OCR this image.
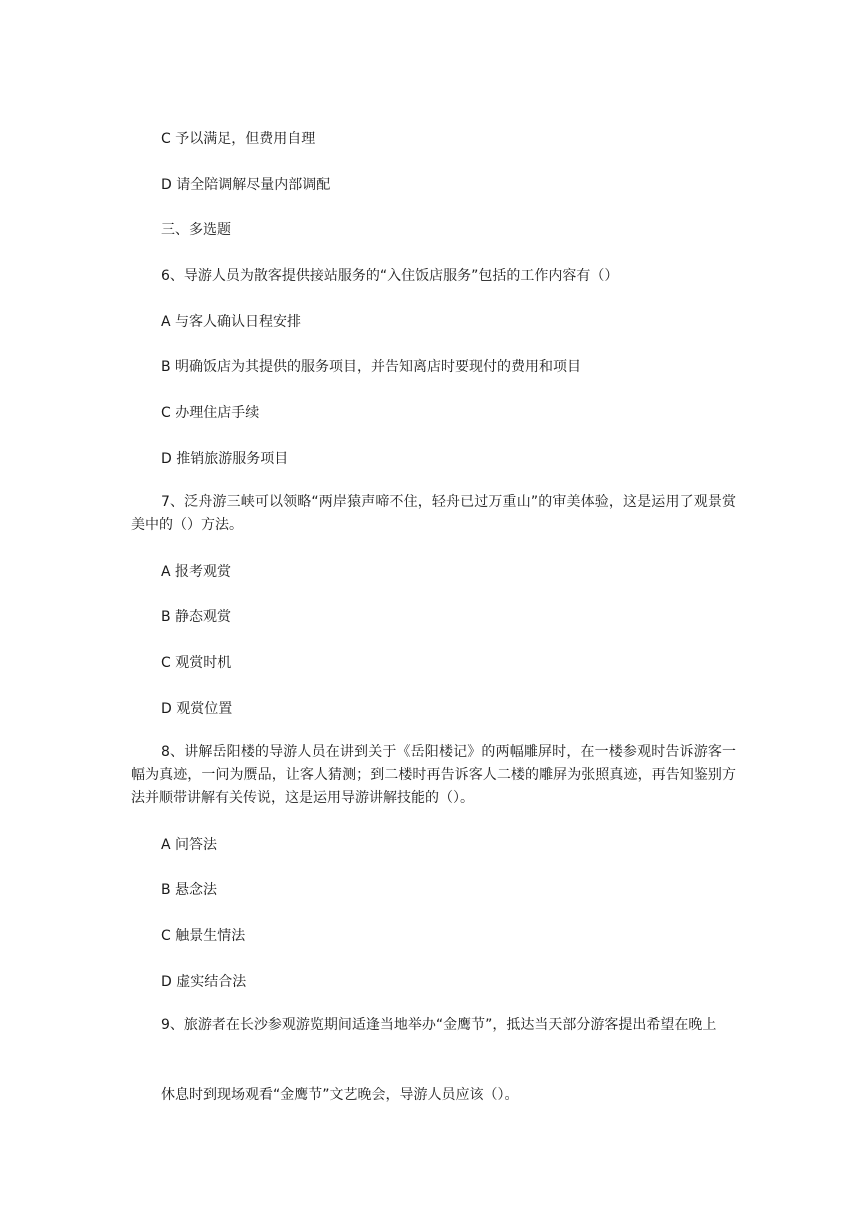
C 予以满足，但费用自理
D 请全陪调解尽量内部调配
三、多选题
6、导游人员为散客提供接站服务的“入住饭店服务”包括的工作内容有（）
A 与客人确认日程安排
B 明确饭店为其提供的服务项目，并告知离店时要现付的费用和项目
C 办理住店手续
D 推销旅游服务项目
7、泛舟游三峡可以领略“两岸猿声啼不住，轻舟已过万重山”的审美体验，这是运用了观景赏美中的（）方法。
A 报考观赏
B 静态观赏
C 观赏时机
D 观赏位置
8、讲解岳阳楼的导游人员在讲到关于《岳阳楼记》的两幅雕屏时，在一楼参观时告诉游客一幅为真迹，一问为赝品，让客人猜测；到二楼时再告诉客人二楼的雕屏为张照真迹，再告知鉴别方法并顺带讲解有关传说，这是运用导游讲解技能的（）。
A 问答法
B 悬念法
C 触景生情法
D 虚实结合法
9、旅游者在长沙参观游览期间适逢当地举办“金鹰节”，抵达当天部分游客提出希望在晚上
休息时到现场观看“金鹰节”文艺晚会，导游人员应该（）。
